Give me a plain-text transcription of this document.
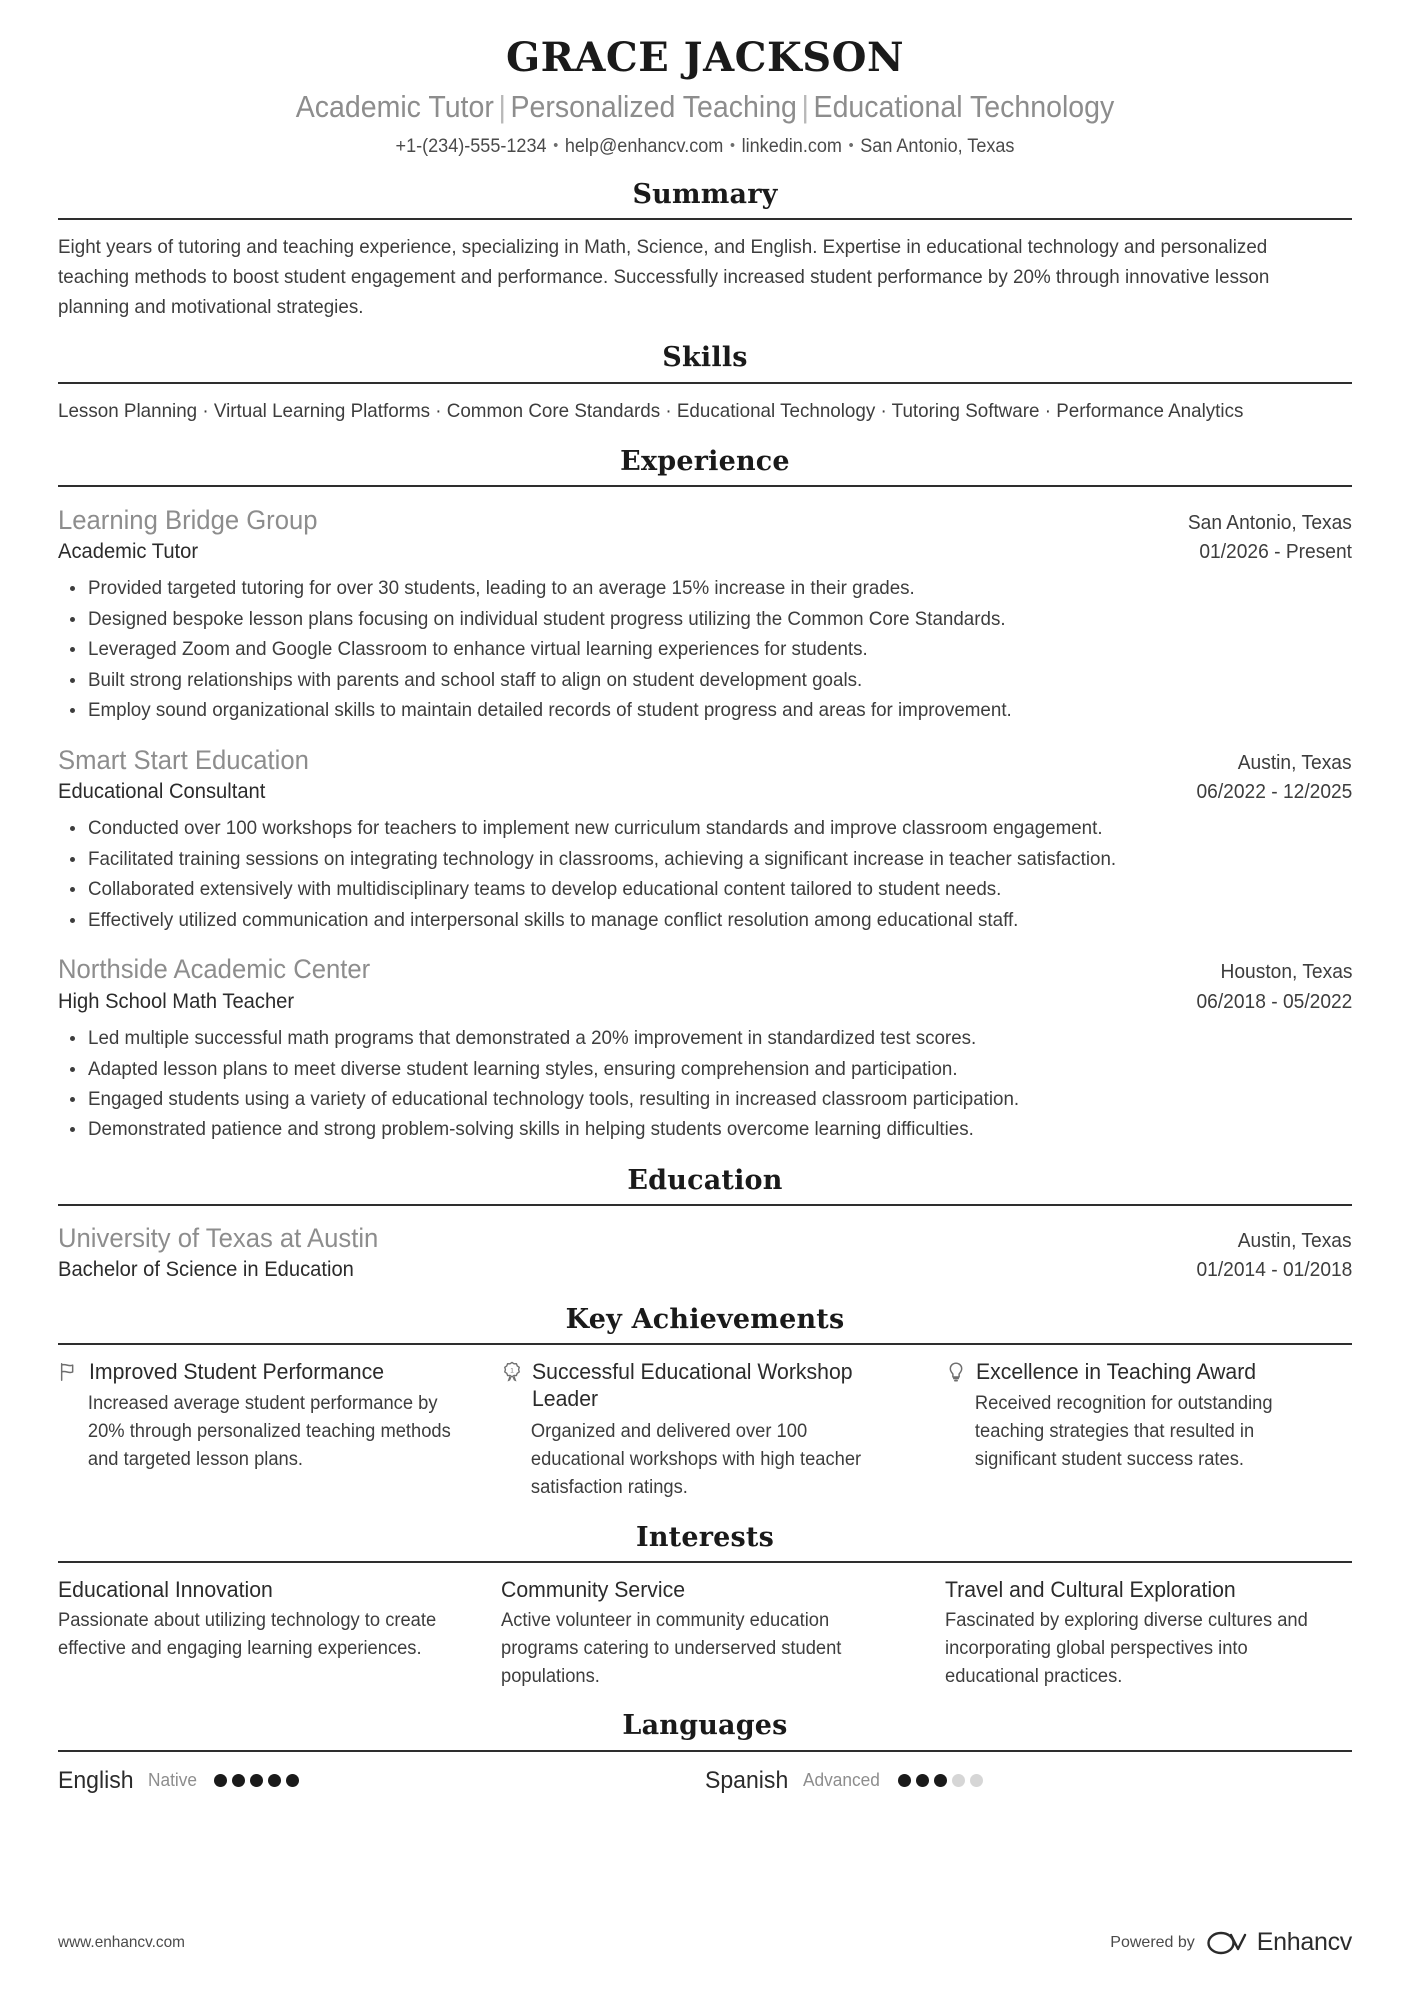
GRACE JACKSON
Academic Tutor | Personalized Teaching | Educational Technology
+1-(234)-555-1234 • help@enhancv.com • linkedin.com • San Antonio, Texas
Summary
Eight years of tutoring and teaching experience, specializing in Math, Science, and English. Expertise in educational technology and personalized teaching methods to boost student engagement and performance. Successfully increased student performance by 20% through innovative lesson planning and motivational strategies.
Skills
Lesson Planning · Virtual Learning Platforms · Common Core Standards · Educational Technology · Tutoring Software · Performance Analytics
Experience
Learning Bridge Group	San Antonio, Texas
Academic Tutor	01/2026 - Present
Provided targeted tutoring for over 30 students, leading to an average 15% increase in their grades.
Designed bespoke lesson plans focusing on individual student progress utilizing the Common Core Standards.
Leveraged Zoom and Google Classroom to enhance virtual learning experiences for students.
Built strong relationships with parents and school staff to align on student development goals.
Employ sound organizational skills to maintain detailed records of student progress and areas for improvement.
Smart Start Education	Austin, Texas
Educational Consultant	06/2022 - 12/2025
Conducted over 100 workshops for teachers to implement new curriculum standards and improve classroom engagement.
Facilitated training sessions on integrating technology in classrooms, achieving a significant increase in teacher satisfaction.
Collaborated extensively with multidisciplinary teams to develop educational content tailored to student needs.
Effectively utilized communication and interpersonal skills to manage conflict resolution among educational staff.
Northside Academic Center	Houston, Texas
High School Math Teacher	06/2018 - 05/2022
Led multiple successful math programs that demonstrated a 20% improvement in standardized test scores.
Adapted lesson plans to meet diverse student learning styles, ensuring comprehension and participation.
Engaged students using a variety of educational technology tools, resulting in increased classroom participation.
Demonstrated patience and strong problem-solving skills in helping students overcome learning difficulties.
Education
University of Texas at Austin	Austin, Texas
Bachelor of Science in Education	01/2014 - 01/2018
Key Achievements
Improved Student Performance
Increased average student performance by 20% through personalized teaching methods and targeted lesson plans.
1 Successful Educational Workshop Leader
Organized and delivered over 100 educational workshops with high teacher satisfaction ratings.
Excellence in Teaching Award
Received recognition for outstanding teaching strategies that resulted in significant student success rates.
Interests
Educational Innovation
Passionate about utilizing technology to create effective and engaging learning experiences.
Community Service
Active volunteer in community education programs catering to underserved student populations.
Travel and Cultural Exploration
Fascinated by exploring diverse cultures and incorporating global perspectives into educational practices.
Languages
English Native	Spanish Advanced
www.enhancv.com	Powered by Enhancv
